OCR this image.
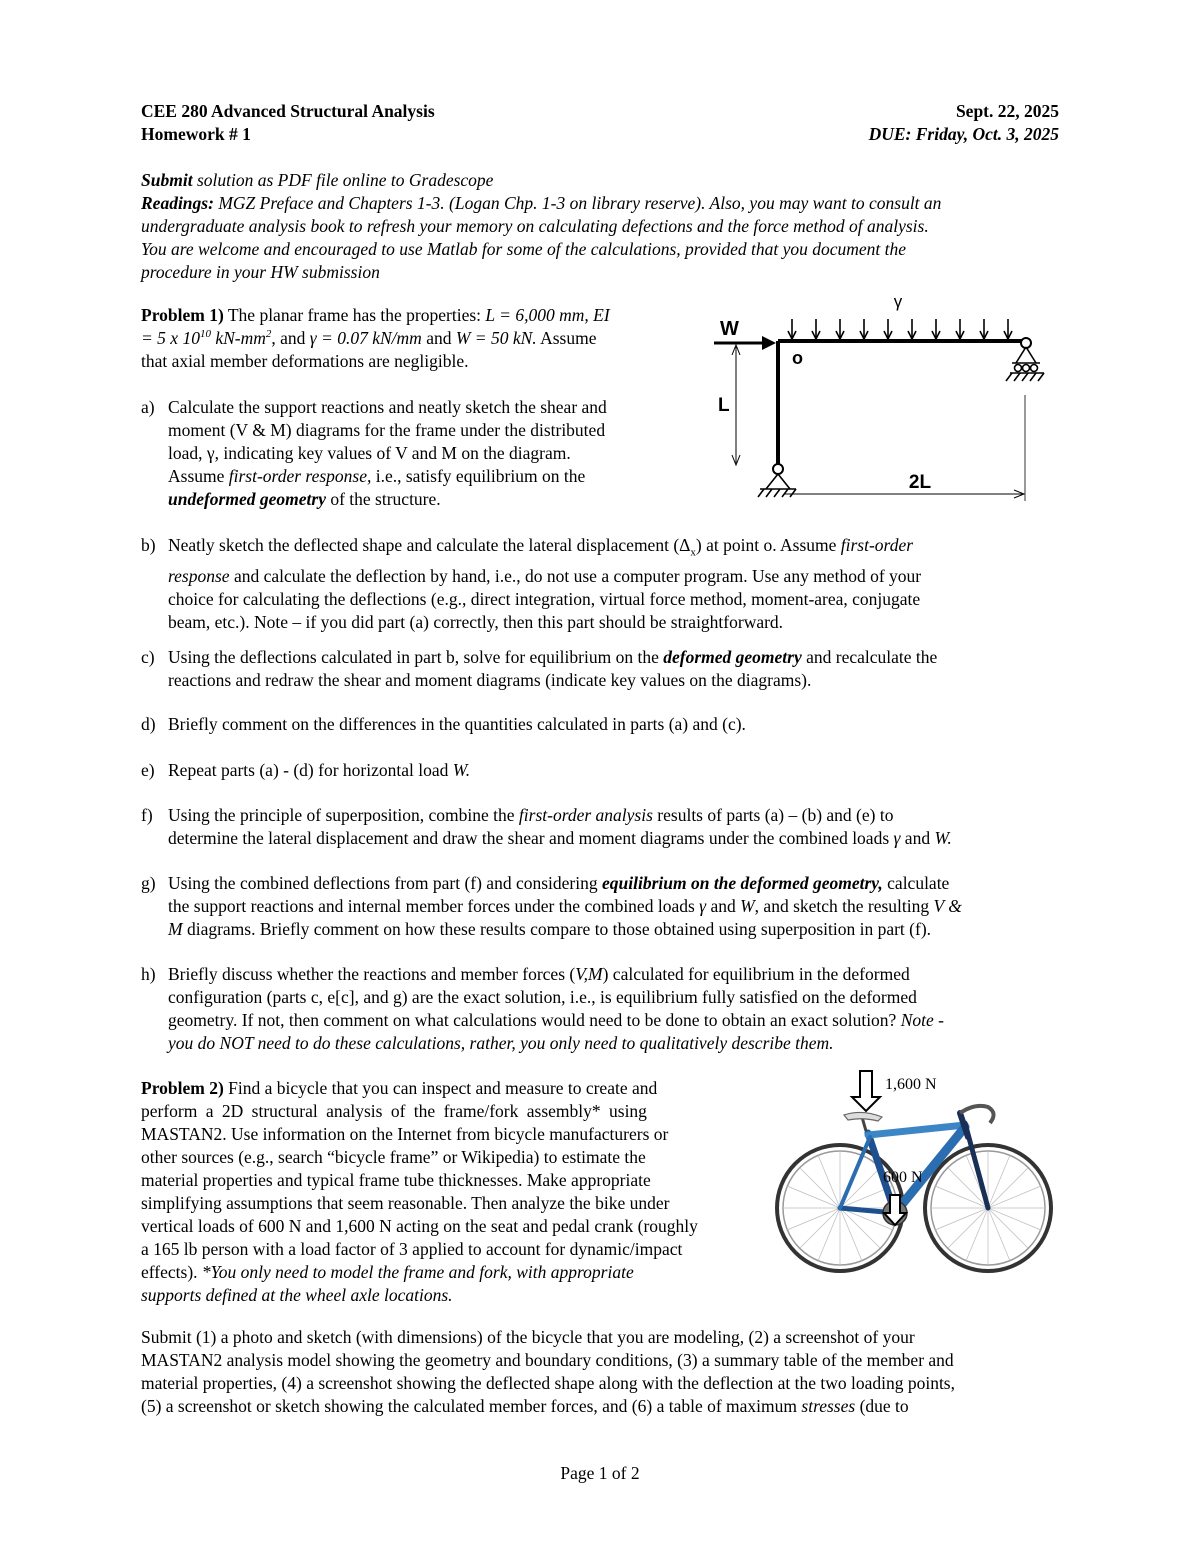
CEE 280 Advanced Structural Analysis
Homework # 1
Sept. 22, 2025
DUE: Friday, Oct. 3, 2025
Submit solution as PDF file online to Gradescope
Readings: MGZ Preface and Chapters 1-3. (Logan Chp. 1-3 on library reserve). Also, you may want to consult an
undergraduate analysis book to refresh your memory on calculating defections and the force method of analysis.
You are welcome and encouraged to use Matlab for some of the calculations, provided that you document the
procedure in your HW submission
Problem 1) The planar frame has the properties: L = 6,000 mm, EI
= 5 x $10^{10}$ $kN-mm^2$, and γ = 0.07 kN/mm and W = 50 kN. Assume
that axial member deformations are negligible.
a) Calculate the support reactions and neatly sketch the shear and
moment (V & M) diagrams for the frame under the distributed
load, γ, indicating key values of V and M on the diagram.
Assume first-order response, i.e., satisfy equilibrium on the
undeformed geometry of the structure.
γ
W
o
L
2L
b) Neatly sketch the deflected shape and calculate the lateral displacement $(\Delta_x)$ at point o. Assume first-order
response and calculate the deflection by hand, i.e., do not use a computer program. Use any method of your
choice for calculating the deflections (e.g., direct integration, virtual force method, moment-area, conjugate
beam, etc.). Note – if you did part (a) correctly, then this part should be straightforward.
c) Using the deflections calculated in part b, solve for equilibrium on the deformed geometry and recalculate the
reactions and redraw the shear and moment diagrams (indicate key values on the diagrams).
d) Briefly comment on the differences in the quantities calculated in parts (a) and (c).
e) Repeat parts (a) - (d) for horizontal load W.
f) Using the principle of superposition, combine the first-order analysis results of parts (a) – (b) and (e) to
determine the lateral displacement and draw the shear and moment diagrams under the combined loads γ and W.
g) Using the combined deflections from part (f) and considering equilibrium on the deformed geometry, calculate
the support reactions and internal member forces under the combined loads γ and W, and sketch the resulting V &
M diagrams. Briefly comment on how these results compare to those obtained using superposition in part (f).
h) Briefly discuss whether the reactions and member forces (V,M) calculated for equilibrium in the deformed
configuration (parts c, e[c], and g) are the exact solution, i.e., is equilibrium fully satisfied on the deformed
geometry. If not, then comment on what calculations would need to be done to obtain an exact solution? Note -
you do NOT need to do these calculations, rather, you only need to qualitatively describe them.
Problem 2) Find a bicycle that you can inspect and measure to create and
perform a 2D structural analysis of the frame/fork assembly* using
MASTAN2. Use information on the Internet from bicycle manufacturers or
other sources (e.g., search “bicycle frame” or Wikipedia) to estimate the
material properties and typical frame tube thicknesses. Make appropriate
simplifying assumptions that seem reasonable. Then analyze the bike under
vertical loads of 600 N and 1,600 N acting on the seat and pedal crank (roughly
a 165 lb person with a load factor of 3 applied to account for dynamic/impact
effects). *You only need to model the frame and fork, with appropriate
supports defined at the wheel axle locations.
1,600 N
600 N
Submit (1) a photo and sketch (with dimensions) of the bicycle that you are modeling, (2) a screenshot of your
MASTAN2 analysis model showing the geometry and boundary conditions, (3) a summary table of the member and
material properties, (4) a screenshot showing the deflected shape along with the deflection at the two loading points,
(5) a screenshot or sketch showing the calculated member forces, and (6) a table of maximum stresses (due to
Page 1 of 2
